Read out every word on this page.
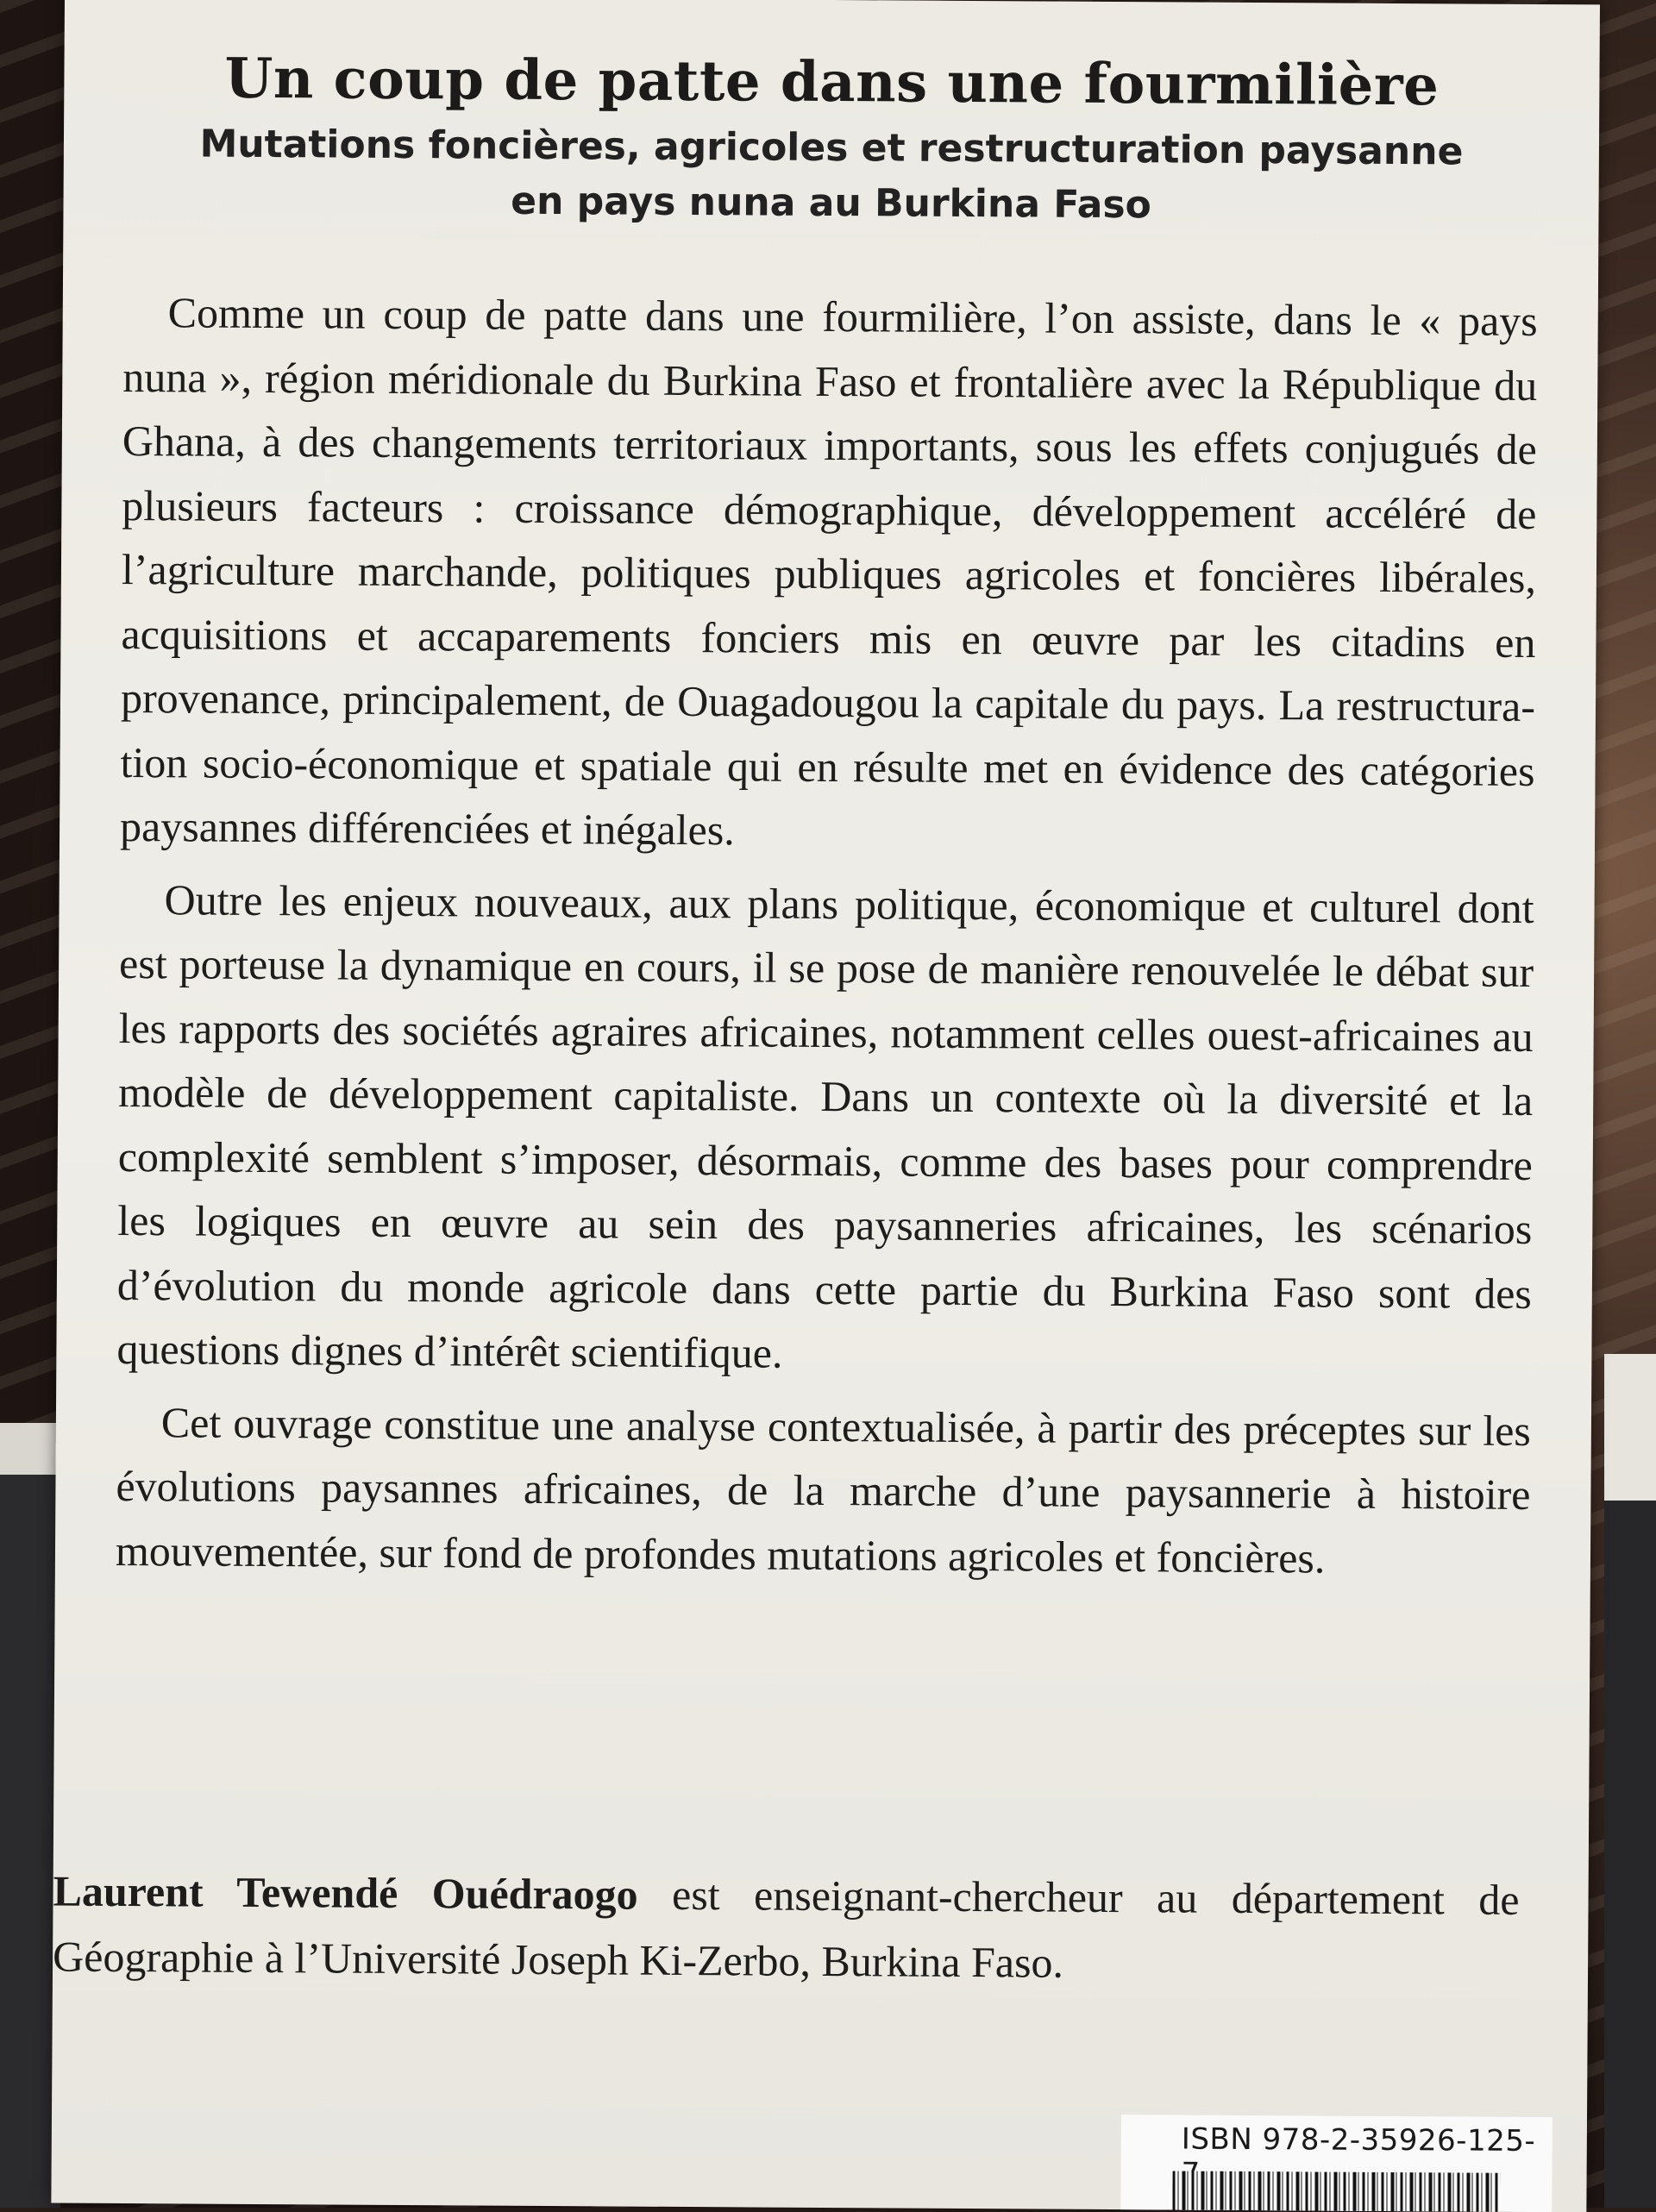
Un coup de patte dans une fourmilière
Mutations foncières, agricoles et restructuration paysanne
en pays nuna au Burkina Faso

Comme un coup de patte dans une fourmilière, l’on assiste, dans le « pays nuna », région méridionale du Burkina Faso et frontalière avec la République du Ghana, à des changements territoriaux importants, sous les effets conjugués de plusieurs facteurs : croissance démographique, développement accéléré de l’agriculture marchande, politiques publiques agricoles et foncières libérales, acquisitions et accaparements fonciers mis en œuvre par les citadins en provenance, principalement, de Ouagadougou la capitale du pays. La restructuration socio-économique et spatiale qui en résulte met en évidence des catégories paysannes différenciées et inégales.

Outre les enjeux nouveaux, aux plans politique, économique et culturel dont est porteuse la dynamique en cours, il se pose de manière renouvelée le débat sur les rapports des sociétés agraires africaines, notamment celles ouest-africaines au modèle de développement capitaliste. Dans un contexte où la diversité et la complexité semblent s’imposer, désormais, comme des bases pour comprendre les logiques en œuvre au sein des paysanneries africaines, les scénarios d’évolution du monde agricole dans cette partie du Burkina Faso sont des questions dignes d’intérêt scientifique.

Cet ouvrage constitue une analyse contextualisée, à partir des préceptes sur les évolutions paysannes africaines, de la marche d’une paysannerie à histoire mouvementée, sur fond de profondes mutations agricoles et foncières.

Laurent Tewendé Ouédraogo est enseignant-chercheur au département de Géographie à l’Université Joseph Ki-Zerbo, Burkina Faso.
ISBN 978-2-35926-125-7
